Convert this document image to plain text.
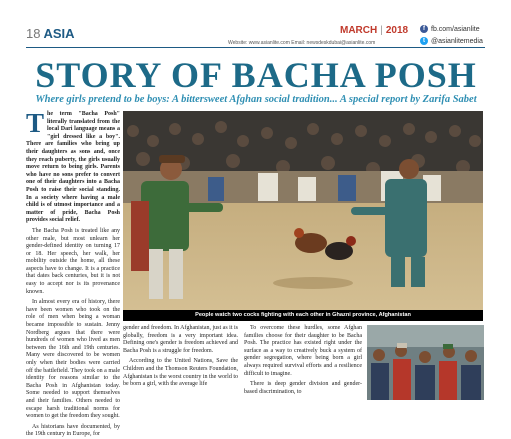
18 ASIA	MARCH | 2018
Website: www.asianlite.com Email: newsdeskdubai@asianlite.com
f fb.com/asianlite
t @asianlitemedia
STORY OF BACHA POSH
Where girls pretend to be boys: A bittersweet Afghan social tradition... A special report by Zarifa Sabet

The term "Bacha Posh" literally translated from the local Dari language means a "girl dressed like a boy". There are families who bring up their daughters as sons and, once they reach puberty, the girls usually move return to being girls. Parents who have no sons prefer to convert one of their daughters into a Bacha Posh to raise their social standing. In a society where having a male child is of utmost importance and a matter of pride, Bacha Posh provides social relief.

The Bacha Posh is treated like any other male, but most unlearn her gender-defined identity on turning 17 or 18. Her speech, her walk, her mobility outside the home, all these aspects have to change. It is a practice that dates back centuries, but it is not easy to accept nor is its provenance known.

In almost every era of history, there have been women who took on the role of men when being a woman became impossible to sustain. Jenny Nordberg argues that there were hundreds of women who lived as men between the 16th and 19th centuries. Many were discovered to be women only when their bodies were carried off the battlefield. They took on a male identity for reasons similar to the Bacha Posh in Afghanistan today. Some needed to support themselves and their families. Others needed to escape harsh traditional norms for women to get the freedom they sought.

As historians have documented, by the 19th century in Europe, for

People watch two cocks fighting with each other in Ghazni province, Afghanistan

gender and freedom. In Afghanistan, just as it is globally, freedom is a very important idea. Defining one's gender is freedom achieved and Bacha Posh is a struggle for freedom.

According to the United Nations, Save the Children and the Thomson Reuters Foundation, Afghanistan is the worst country in the world to be born a girl, with the average life

To overcome these hurdles, some Afghan families choose for their daughter to be Bacha Posh. The practice has existed right under the surface as a way to creatively buck a system of gender segregation, where being born a girl always required survival efforts and a resilience difficult to imagine.

There is deep gender division and gender-based discrimination, to
